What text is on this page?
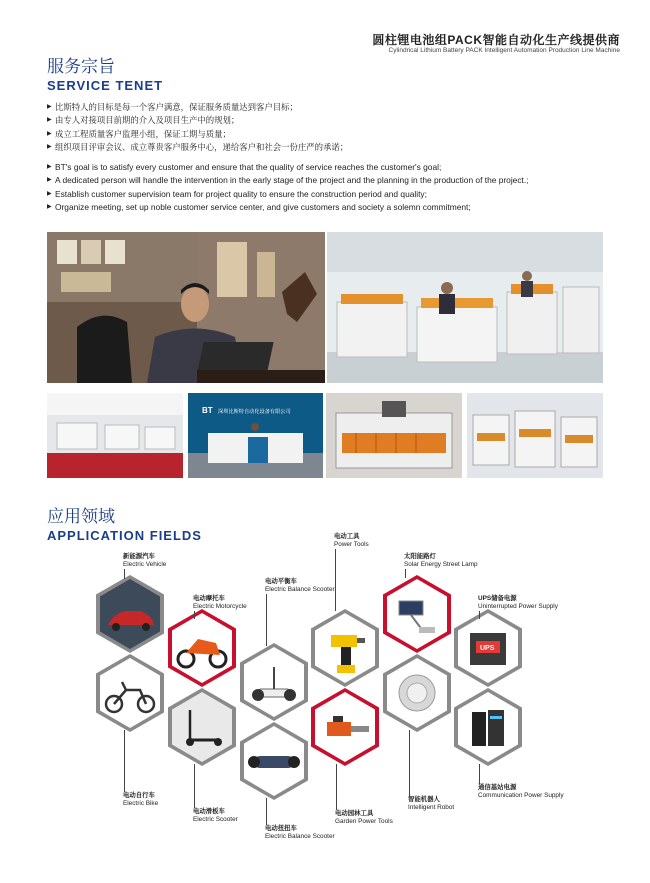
圆柱锂电池组PACK智能自动化生产线提供商
Cylindrical Lithium Battery PACK Intelligent Automation Production Line Machine
服务宗旨
SERVICE TENET
▶ 比斯特人的目标是每一个客户满意，保证服务质量达到客户目标；
▶ 由专人对接项目前期的介入及项目生产中的规划；
▶ 成立工程质量客户监理小组，保证工期与质量；
▶ 组织项目评审会议、成立尊贵客户服务中心，递给客户和社会一份庄严的承诺；
▶ BT's goal is to satisfy every customer and ensure that the quality of service reaches the customer's goal;
▶ A dedicated person will handle the intervention in the early stage of the project and the planning in the production of the project.;
▶ Establish customer supervision team for project quality to ensure the construction period and quality;
▶ Organize meeting, set up noble customer service center, and give customers and society a solemn commitment;
BT 深圳比斯特自动化设备有限公司
应用领域
APPLICATION FIELDS
UPS
新能源汽车
Electric Vehicle
电动摩托车
Electric Motorcycle
电动平衡车
Electric Balance Scooter
电动工具
Power Tools
太阳能路灯
Solar Energy Street Lamp
UPS储备电源
Uninterrupted Power Supply
电动自行车
Electric Bike
电动滑板车
Electric Scooter
电动扭扭车
Electric Balance Scooter
电动园林工具
Garden Power Tools
智能机器人
Intelligent Robot
通信基站电源
Communication Power Supply
